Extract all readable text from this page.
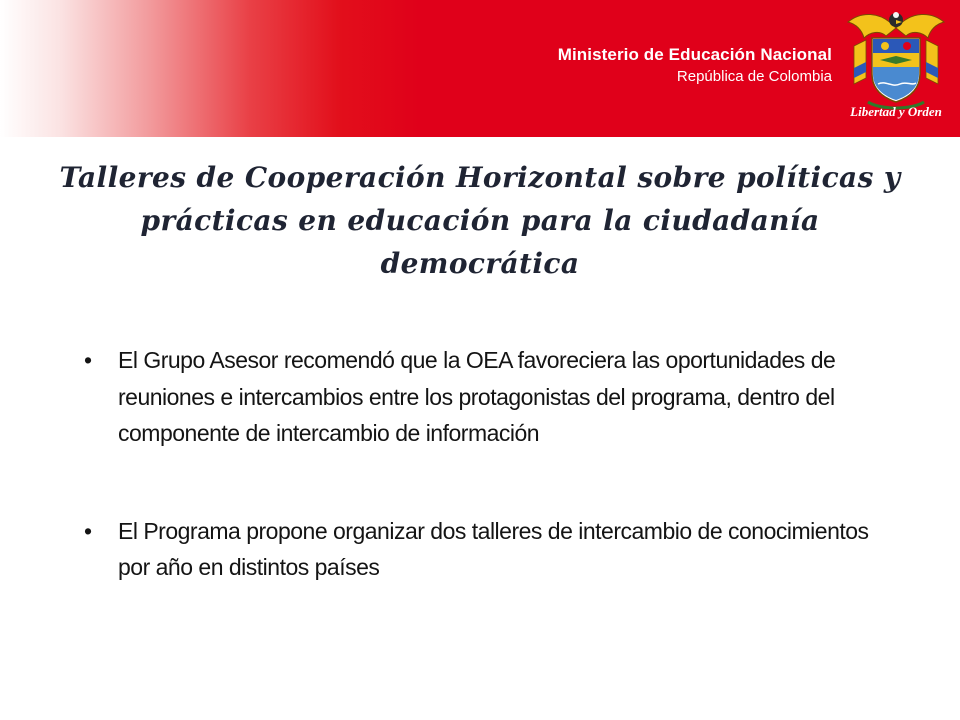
Ministerio de Educación Nacional
República de Colombia
Libertad y Orden
Talleres de Cooperación Horizontal sobre políticas y prácticas en educación para la ciudadanía democrática
•	El Grupo Asesor recomendó que la OEA favoreciera las oportunidades de reuniones e intercambios entre los protagonistas del programa, dentro del componente de intercambio de información
•	El Programa propone organizar dos talleres de intercambio de conocimientos por año en distintos países
